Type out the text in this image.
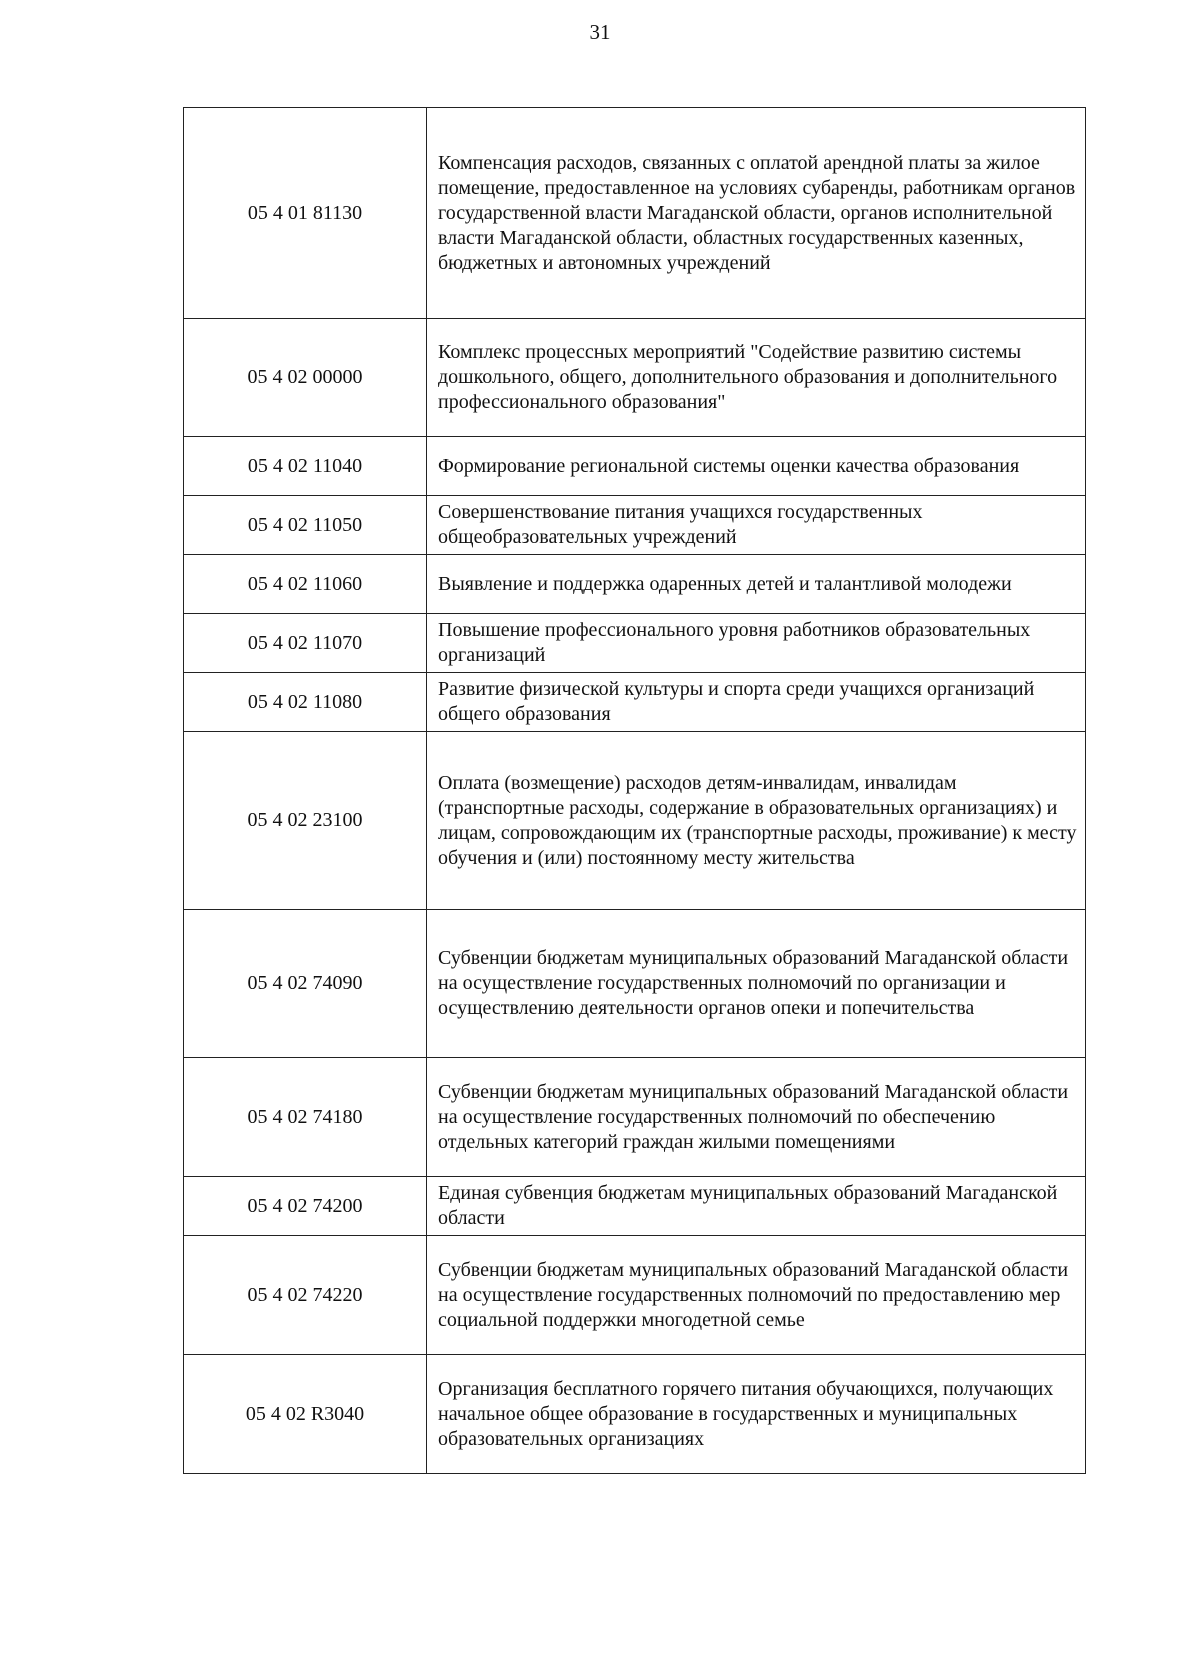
31
05 4 01 81130	Компенсация расходов, связанных с оплатой арендной платы за жилое помещение, предоставленное на условиях субаренды, работникам органов государственной власти Магаданской области, органов исполнительной власти Магаданской области, областных государственных казенных, бюджетных и автономных учреждений
05 4 02 00000	Комплекс процессных мероприятий "Содействие развитию системы дошкольного, общего, дополнительного образования и дополнительного профессионального образования"
05 4 02 11040	Формирование региональной системы оценки качества образования
05 4 02 11050	Совершенствование питания учащихся государственных общеобразовательных учреждений
05 4 02 11060	Выявление и поддержка одаренных детей и талантливой молодежи
05 4 02 11070	Повышение профессионального уровня работников образовательных организаций
05 4 02 11080	Развитие физической культуры и спорта среди учащихся организаций общего образования
05 4 02 23100	Оплата (возмещение) расходов детям-инвалидам, инвалидам (транспортные расходы, содержание в образовательных организациях) и лицам, сопровождающим их (транспортные расходы, проживание) к месту обучения и (или) постоянному месту жительства
05 4 02 74090	Субвенции бюджетам муниципальных образований Магаданской области на осуществление государственных полномочий по организации и осуществлению деятельности органов опеки и попечительства
05 4 02 74180	Субвенции бюджетам муниципальных образований Магаданской области на осуществление государственных полномочий по обеспечению отдельных категорий граждан жилыми помещениями
05 4 02 74200	Единая субвенция бюджетам муниципальных образований Магаданской области
05 4 02 74220	Субвенции бюджетам муниципальных образований Магаданской области на осуществление государственных полномочий по предоставлению мер социальной поддержки многодетной семье
05 4 02 R3040	Организация бесплатного горячего питания обучающихся, получающих начальное общее образование в государственных и муниципальных образовательных организациях
